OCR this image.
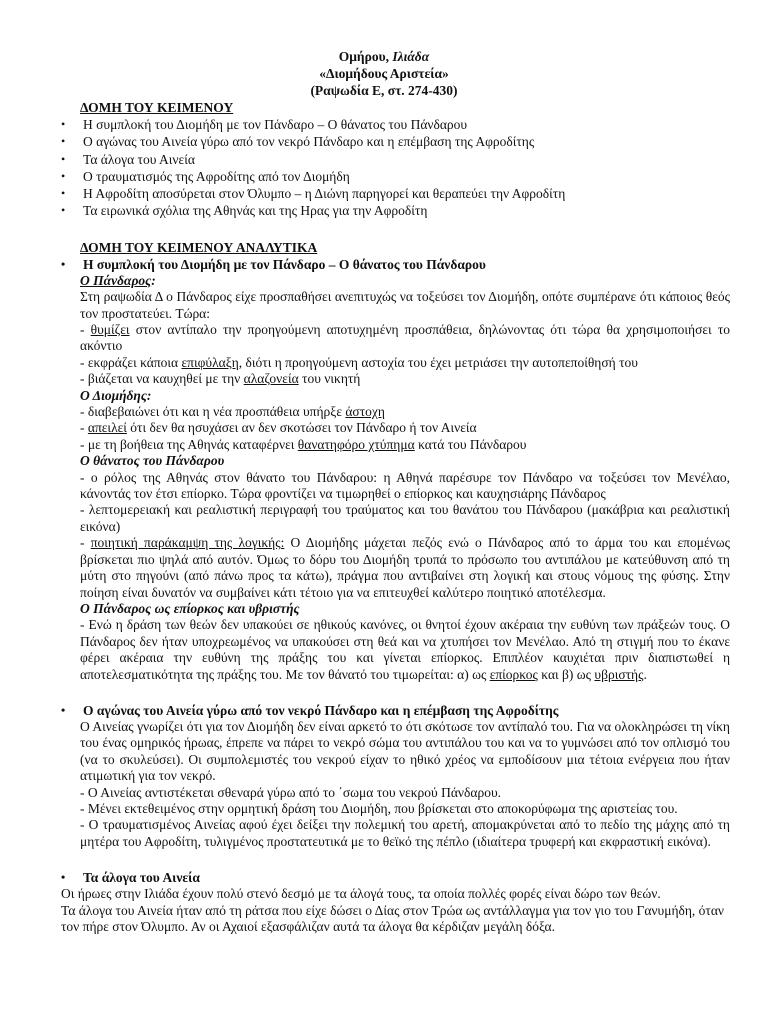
Ομήρου, Ιλιάδα
«Διομήδους Αριστεία»
(Ραψωδία Ε, στ. 274-430)
ΔΟΜΗ ΤΟΥ ΚΕΙΜΕΝΟΥ
• Η συμπλοκή του Διομήδη με τον Πάνδαρο – Ο θάνατος του Πάνδαρου
• Ο αγώνας του Αινεία γύρω από τον νεκρό Πάνδαρο και η επέμβαση της Αφροδίτης
• Τα άλογα του Αινεία
• Ο τραυματισμός της Αφροδίτης από τον Διομήδη
• Η Αφροδίτη αποσύρεται στον Όλυμπο – η Διώνη παρηγορεί και θεραπεύει την Αφροδίτη
• Τα ειρωνικά σχόλια της Αθηνάς και της Ηρας για την Αφροδίτη
ΔΟΜΗ ΤΟΥ ΚΕΙΜΕΝΟΥ ΑΝΑΛΥΤΙΚΑ
• Η συμπλοκή του Διομήδη με τον Πάνδαρο – Ο θάνατος του Πάνδαρου
Ο Πάνδαρος:
Στη ραψωδία Δ ο Πάνδαρος είχε προσπαθήσει ανεπιτυχώς να τοξεύσει τον Διομήδη, οπότε συμπέρανε ότι κάποιος θεός τον προστατεύει. Τώρα:
- θυμίζει στον αντίπαλο την προηγούμενη αποτυχημένη προσπάθεια, δηλώνοντας ότι τώρα θα χρησιμοποιήσει το ακόντιο
- εκφράζει κάποια επιφύλαξη, διότι η προηγούμενη αστοχία του έχει μετριάσει την αυτοπεποίθησή του
- βιάζεται να καυχηθεί με την αλαζονεία του νικητή
Ο Διομήδης:
- διαβεβαιώνει ότι και η νέα προσπάθεια υπήρξε άστοχη
- απειλεί ότι δεν θα ησυχάσει αν δεν σκοτώσει τον Πάνδαρο ή τον Αινεία
- με τη βοήθεια της Αθηνάς καταφέρνει θανατηφόρο χτύπημα κατά του Πάνδαρου
Ο θάνατος του Πάνδαρου
- ο ρόλος της Αθηνάς στον θάνατο του Πάνδαρου: η Αθηνά παρέσυρε τον Πάνδαρο να τοξεύσει τον Μενέλαο, κάνοντάς τον έτσι επίορκο. Τώρα φροντίζει να τιμωρηθεί ο επίορκος και καυχησιάρης Πάνδαρος
- λεπτομερειακή και ρεαλιστική περιγραφή του τραύματος και του θανάτου του Πάνδαρου (μακάβρια και ρεαλιστική εικόνα)
- ποιητική παράκαμψη της λογικής: Ο Διομήδης μάχεται πεζός ενώ ο Πάνδαρος από το άρμα του και επομένως βρίσκεται πιο ψηλά από αυτόν. Όμως το δόρυ του Διομήδη τρυπά το πρόσωπο του αντιπάλου με κατεύθυνση από τη μύτη στο πηγούνι (από πάνω προς τα κάτω), πράγμα που αντιβαίνει στη λογική και στους νόμους της φύσης. Στην ποίηση είναι δυνατόν να συμβαίνει κάτι τέτοιο για να επιτευχθεί καλύτερο ποιητικό αποτέλεσμα.
Ο Πάνδαρος ως επίορκος και υβριστής
- Ενώ η δράση των θεών δεν υπακούει σε ηθικούς κανόνες, οι θνητοί έχουν ακέραια την ευθύνη των πράξεών τους. Ο Πάνδαρος δεν ήταν υποχρεωμένος να υπακούσει στη θεά και να χτυπήσει τον Μενέλαο. Από τη στιγμή που το έκανε φέρει ακέραια την ευθύνη της πράξης του και γίνεται επίορκος. Επιπλέον καυχιέται πριν διαπιστωθεί η αποτελεσματικότητα της πράξης του. Με τον θάνατό του τιμωρείται: α) ως επίορκος και β) ως υβριστής.
• Ο αγώνας του Αινεία γύρω από τον νεκρό Πάνδαρο και η επέμβαση της Αφροδίτης
Ο Αινείας γνωρίζει ότι για τον Διομήδη δεν είναι αρκετό το ότι σκότωσε τον αντίπαλό του. Για να ολοκληρώσει τη νίκη του ένας ομηρικός ήρωας, έπρεπε να πάρει το νεκρό σώμα του αντιπάλου του και να το γυμνώσει από τον οπλισμό του (να το σκυλεύσει). Οι συμπολεμιστές του νεκρού είχαν το ηθικό χρέος να εμποδίσουν μια τέτοια ενέργεια που ήταν ατιμωτική για τον νεκρό.
- Ο Αινείας αντιστέκεται σθεναρά γύρω από το ΄σωμα του νεκρού Πάνδαρου.
- Μένει εκτεθειμένος στην ορμητική δράση του Διομήδη, που βρίσκεται στο αποκορύφωμα της αριστείας του.
- Ο τραυματισμένος Αινείας αφού έχει δείξει την πολεμική του αρετή, απομακρύνεται από το πεδίο της μάχης από τη μητέρα του Αφροδίτη, τυλιγμένος προστατευτικά με το θεϊκό της πέπλο (ιδιαίτερα τρυφερή και εκφραστική εικόνα).
• Τα άλογα του Αινεία
Οι ήρωες στην Ιλιάδα έχουν πολύ στενό δεσμό με τα άλογά τους, τα οποία πολλές φορές είναι δώρο των θεών.
Τα άλογα του Αινεία ήταν από τη ράτσα που είχε δώσει ο Δίας στον Τρώα ως αντάλλαγμα για τον γιο του Γανυμήδη, όταν τον πήρε στον Όλυμπο. Αν οι Αχαιοί εξασφάλιζαν αυτά τα άλογα θα κέρδιζαν μεγάλη δόξα.
